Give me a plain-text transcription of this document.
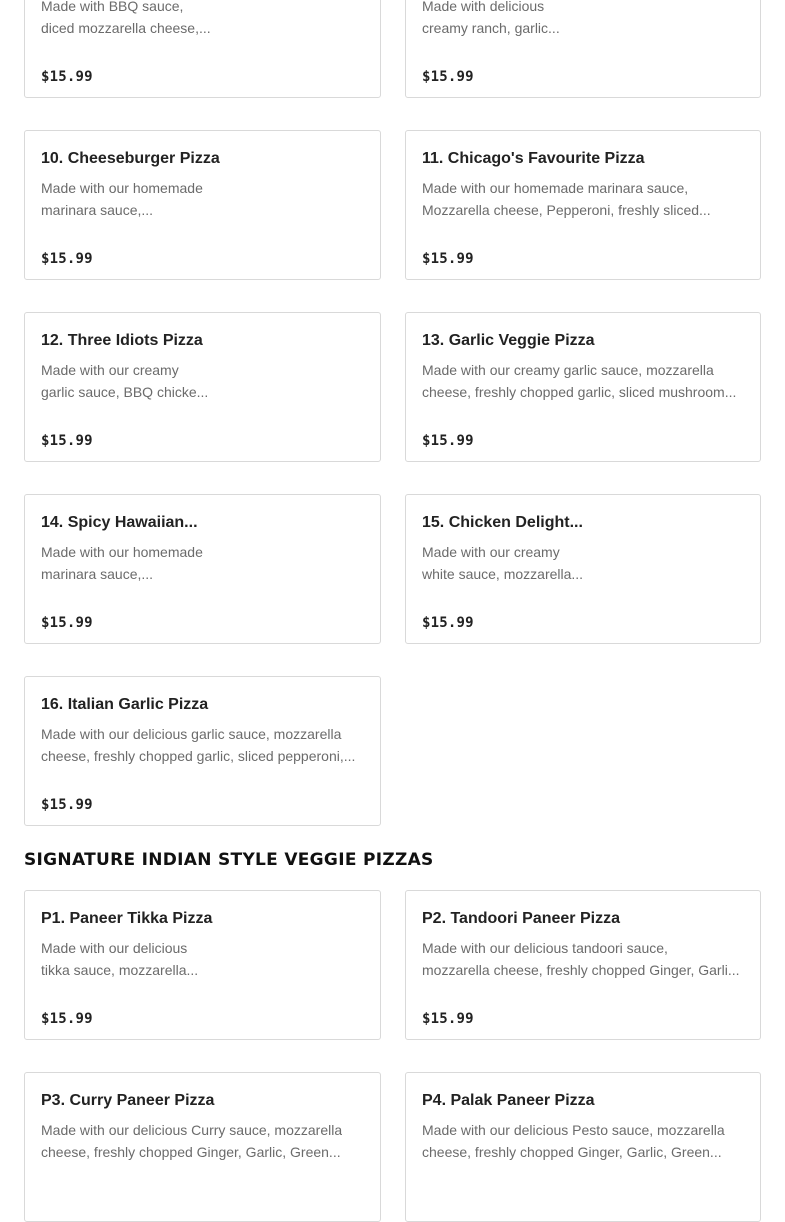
Made with BBQ sauce,
diced mozzarella cheese,...
$15.99
Made with delicious
creamy ranch, garlic...
$15.99
10. Cheeseburger Pizza
Made with our homemade
marinara sauce,...
$15.99
11. Chicago's Favourite Pizza
Made with our homemade marinara sauce,
Mozzarella cheese, Pepperoni, freshly sliced...
$15.99
12. Three Idiots Pizza
Made with our creamy
garlic sauce, BBQ chicke...
$15.99
13. Garlic Veggie Pizza
Made with our creamy garlic sauce, mozzarella
cheese, freshly chopped garlic, sliced mushroom...
$15.99
14. Spicy Hawaiian...
Made with our homemade
marinara sauce,...
$15.99
15. Chicken Delight...
Made with our creamy
white sauce, mozzarella...
$15.99
16. Italian Garlic Pizza
Made with our delicious garlic sauce, mozzarella
cheese, freshly chopped garlic, sliced pepperoni,...
$15.99
SIGNATURE INDIAN STYLE VEGGIE PIZZAS
P1. Paneer Tikka Pizza
Made with our delicious
tikka sauce, mozzarella...
$15.99
P2. Tandoori Paneer Pizza
Made with our delicious tandoori sauce,
mozzarella cheese, freshly chopped Ginger, Garli...
$15.99
P3. Curry Paneer Pizza
Made with our delicious Curry sauce, mozzarella
cheese, freshly chopped Ginger, Garlic, Green...
P4. Palak Paneer Pizza
Made with our delicious Pesto sauce, mozzarella
cheese, freshly chopped Ginger, Garlic, Green...
